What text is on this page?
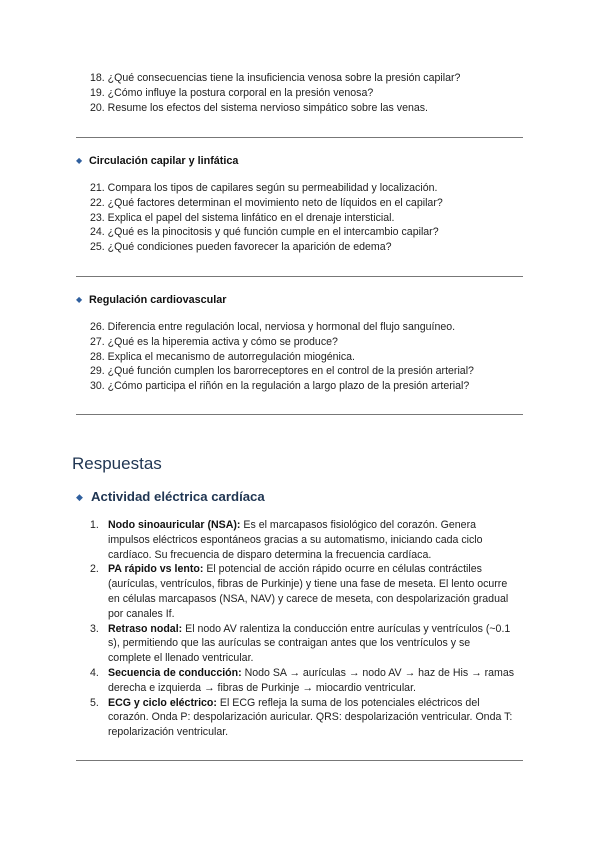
18. ¿Qué consecuencias tiene la insuficiencia venosa sobre la presión capilar?
19. ¿Cómo influye la postura corporal en la presión venosa?
20. Resume los efectos del sistema nervioso simpático sobre las venas.
◆ Circulación capilar y linfática
21. Compara los tipos de capilares según su permeabilidad y localización.
22. ¿Qué factores determinan el movimiento neto de líquidos en el capilar?
23. Explica el papel del sistema linfático en el drenaje intersticial.
24. ¿Qué es la pinocitosis y qué función cumple en el intercambio capilar?
25. ¿Qué condiciones pueden favorecer la aparición de edema?
◆ Regulación cardiovascular
26. Diferencia entre regulación local, nerviosa y hormonal del flujo sanguíneo.
27. ¿Qué es la hiperemia activa y cómo se produce?
28. Explica el mecanismo de autorregulación miogénica.
29. ¿Qué función cumplen los barorreceptores en el control de la presión arterial?
30. ¿Cómo participa el riñón en la regulación a largo plazo de la presión arterial?
Respuestas
◆ Actividad eléctrica cardíaca
1. Nodo sinoauricular (NSA): Es el marcapasos fisiológico del corazón. Genera impulsos eléctricos espontáneos gracias a su automatismo, iniciando cada ciclo cardíaco. Su frecuencia de disparo determina la frecuencia cardíaca.
2. PA rápido vs lento: El potencial de acción rápido ocurre en células contráctiles (aurículas, ventrículos, fibras de Purkinje) y tiene una fase de meseta. El lento ocurre en células marcapasos (NSA, NAV) y carece de meseta, con despolarización gradual por canales If.
3. Retraso nodal: El nodo AV ralentiza la conducción entre aurículas y ventrículos (~0.1 s), permitiendo que las aurículas se contraigan antes que los ventrículos y se complete el llenado ventricular.
4. Secuencia de conducción: Nodo SA → aurículas → nodo AV → haz de His → ramas derecha e izquierda → fibras de Purkinje → miocardio ventricular.
5. ECG y ciclo eléctrico: El ECG refleja la suma de los potenciales eléctricos del corazón. Onda P: despolarización auricular. QRS: despolarización ventricular. Onda T: repolarización ventricular.
